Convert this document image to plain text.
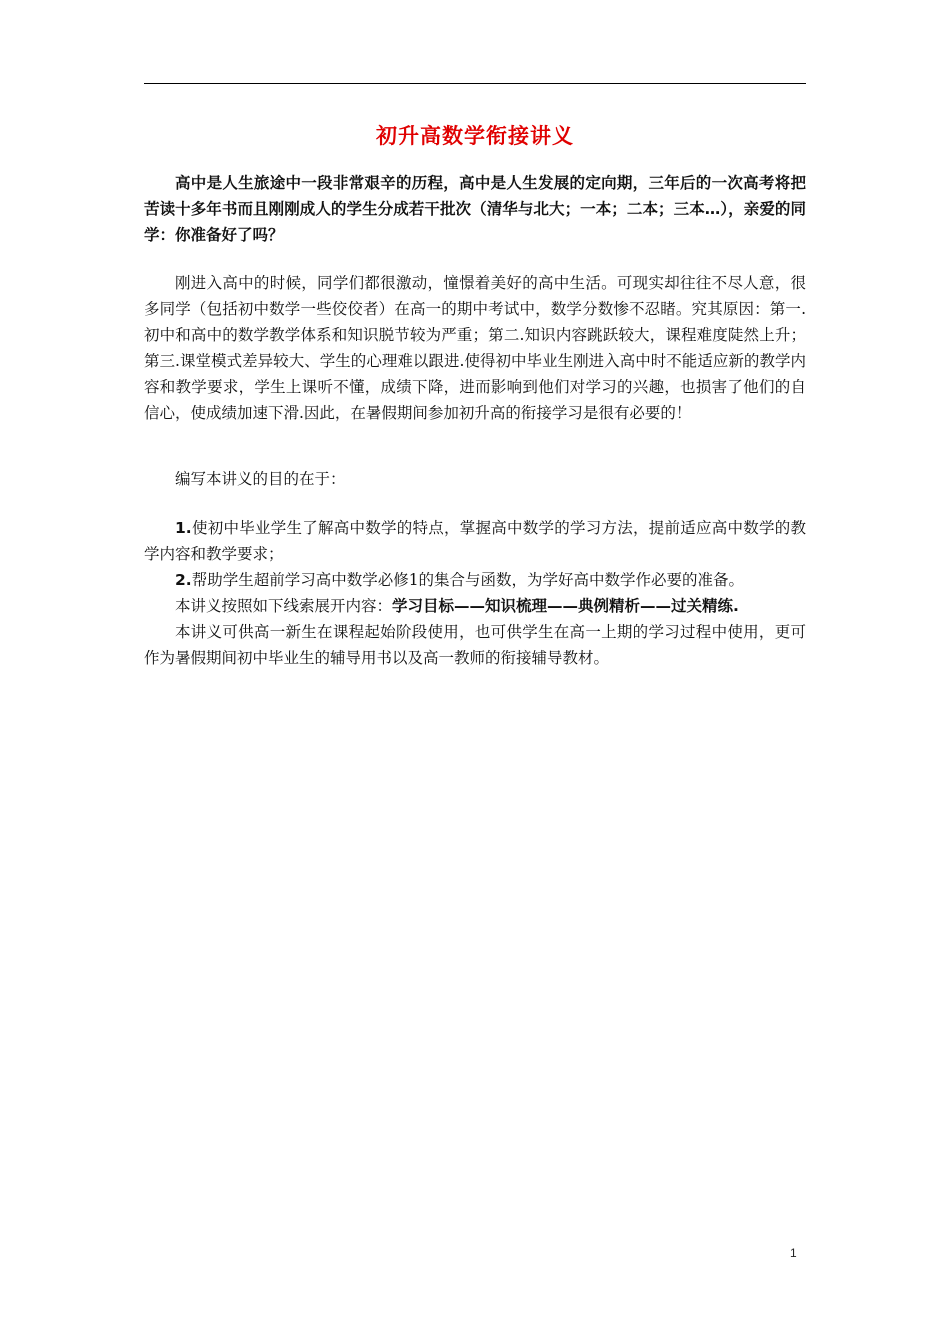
初升高数学衔接讲义

高中是人生旅途中一段非常艰辛的历程，高中是人生发展的定向期，三年后的一次高考将把苦读十多年书而且刚刚成人的学生分成若干批次（清华与北大；一本；二本；三本…），亲爱的同学：你准备好了吗？

刚进入高中的时候，同学们都很激动，憧憬着美好的高中生活。可现实却往往不尽人意，很多同学（包括初中数学一些佼佼者）在高一的期中考试中，数学分数惨不忍睹。究其原因：第一.初中和高中的数学教学体系和知识脱节较为严重；第二.知识内容跳跃较大，课程难度陡然上升；第三.课堂模式差异较大、学生的心理难以跟进.使得初中毕业生刚进入高中时不能适应新的教学内容和教学要求，学生上课听不懂，成绩下降，进而影响到他们对学习的兴趣，也损害了他们的自信心，使成绩加速下滑.因此，在暑假期间参加初升高的衔接学习是很有必要的！

编写本讲义的目的在于：

1.使初中毕业学生了解高中数学的特点，掌握高中数学的学习方法，提前适应高中数学的教学内容和教学要求；

2.帮助学生超前学习高中数学必修1的集合与函数，为学好高中数学作必要的准备。

本讲义按照如下线索展开内容：学习目标——知识梳理——典例精析——过关精练.

本讲义可供高一新生在课程起始阶段使用，也可供学生在高一上期的学习过程中使用，更可作为暑假期间初中毕业生的辅导用书以及高一教师的衔接辅导教材。

1
